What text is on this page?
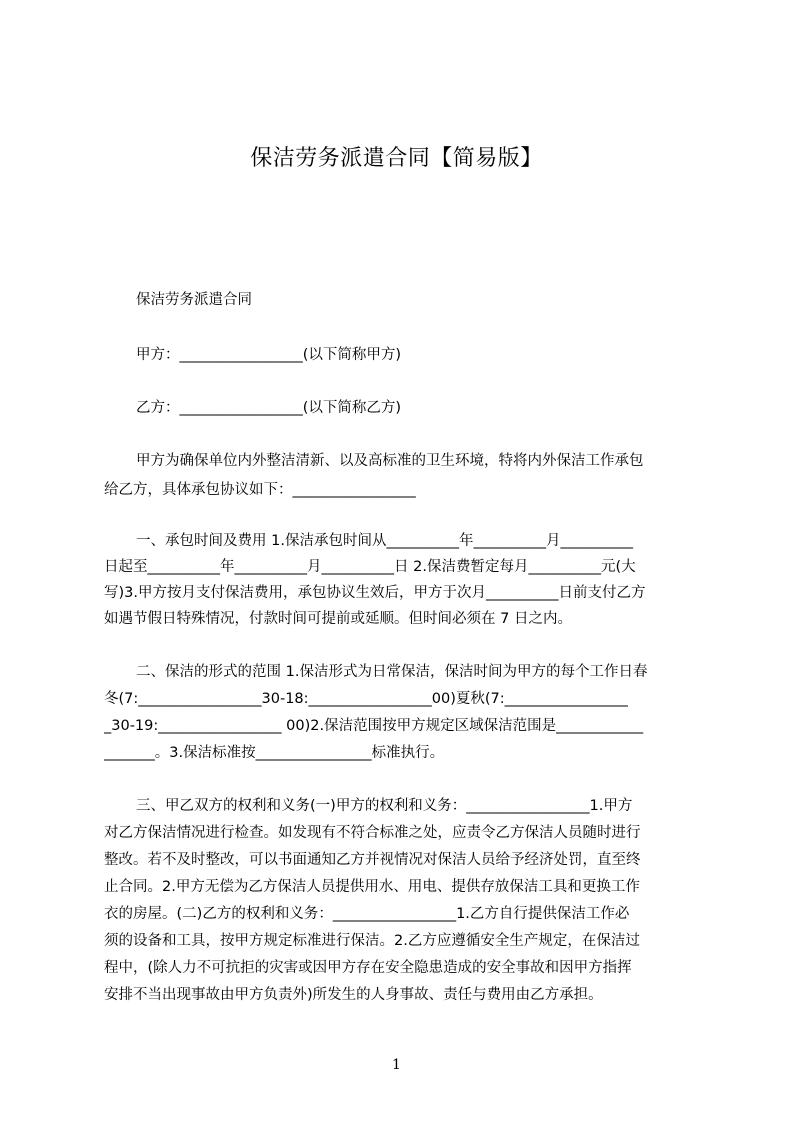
保洁劳务派遣合同【简易版】
保洁劳务派遣合同
甲方：_________________(以下简称甲方)
乙方：_________________(以下简称乙方)
甲方为确保单位内外整洁清新、以及高标准的卫生环境，特将内外保洁工作承包
给乙方，具体承包协议如下：_________________
一、承包时间及费用 1.保洁承包时间从__________年__________月__________
日起至__________年__________月__________日 2.保洁费暂定每月__________元(大
写)3.甲方按月支付保洁费用，承包协议生效后，甲方于次月__________日前支付乙方
如遇节假日特殊情况，付款时间可提前或延顺。但时间必须在 7 日之内。
二、保洁的形式的范围 1.保洁形式为日常保洁，保洁时间为甲方的每个工作日春
冬(7:_________________30-18:_________________00)夏秋(7:_________________
_30-19:_________________ 00)2.保洁范围按甲方规定区域保洁范围是____________
_______。3.保洁标准按________________标准执行。
三、甲乙双方的权利和义务(一)甲方的权利和义务：_________________1.甲方
对乙方保洁情况进行检查。如发现有不符合标准之处，应责令乙方保洁人员随时进行
整改。若不及时整改，可以书面通知乙方并视情况对保洁人员给予经济处罚，直至终
止合同。2.甲方无偿为乙方保洁人员提供用水、用电、提供存放保洁工具和更换工作
衣的房屋。(二)乙方的权利和义务：_________________1.乙方自行提供保洁工作必
须的设备和工具，按甲方规定标准进行保洁。2.乙方应遵循安全生产规定，在保洁过
程中，(除人力不可抗拒的灾害或因甲方存在安全隐患造成的安全事故和因甲方指挥
安排不当出现事故由甲方负责外)所发生的人身事故、责任与费用由乙方承担。
1
